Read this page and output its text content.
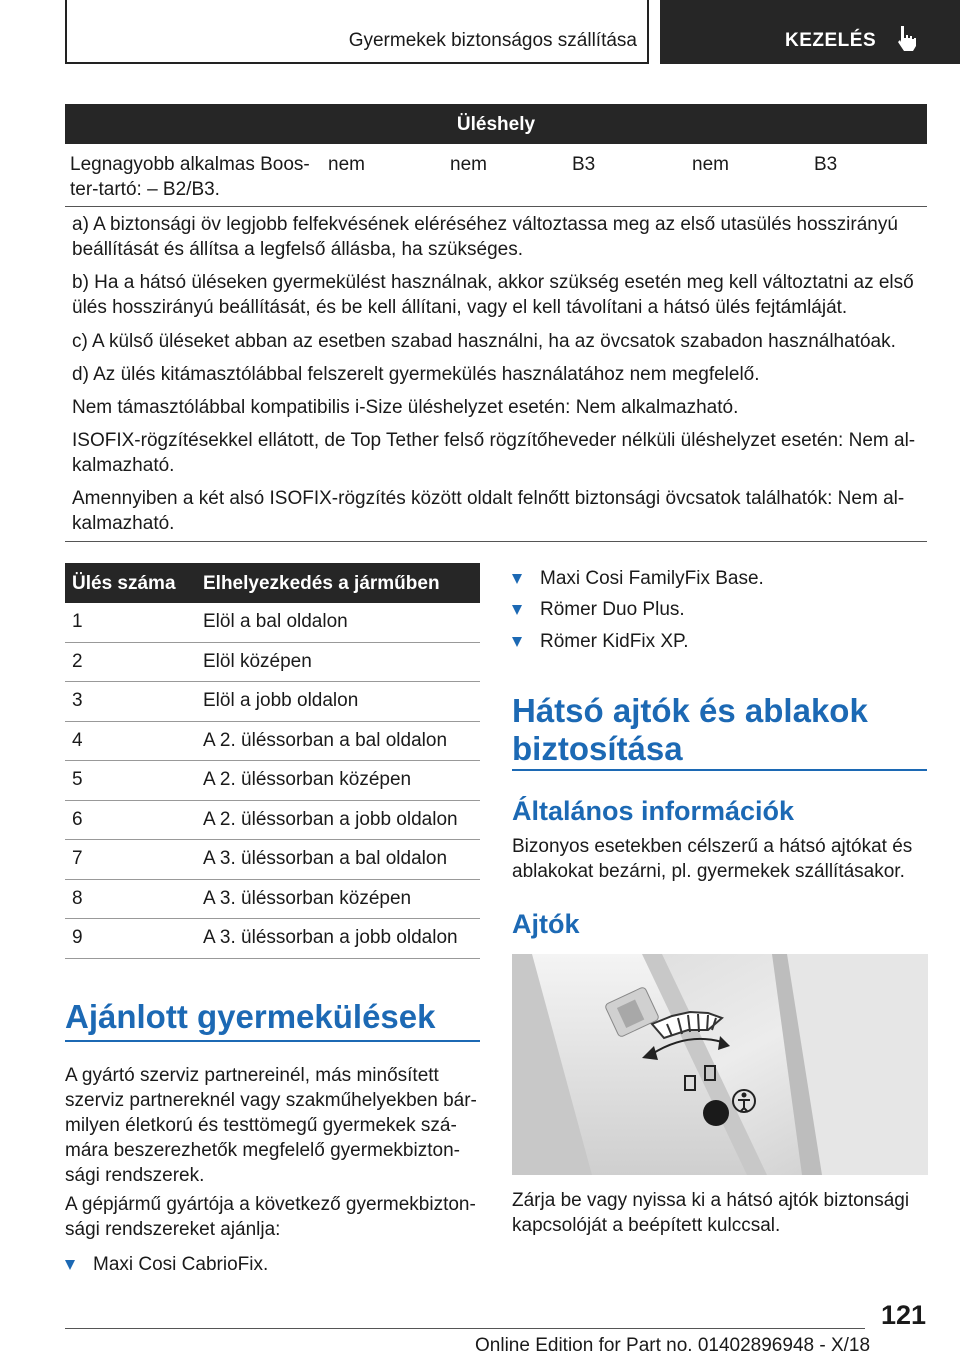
Gyermekek biztonságos szállítása	KEZELÉS
Üléshely
Legnagyobb alkalmas Boos-
ter-tartó: – B2/B3.
nem	nem	B3	nem	B3
a) A biztonsági öv legjobb felfekvésének eléréséhez változtassa meg az első utasülés hosszirányú beállítását és állítsa a legfelső állásba, ha szükséges.
b) Ha a hátsó üléseken gyermekülést használnak, akkor szükség esetén meg kell változtatni az első ülés hosszirányú beállítását, és be kell állítani, vagy el kell távolítani a hátsó ülés fejtámláját.
c) A külső üléseket abban az esetben szabad használni, ha az övcsatok szabadon használhatóak.
d) Az ülés kitámasztólábbal felszerelt gyermekülés használatához nem megfelelő.
Nem támasztólábbal kompatibilis i-Size üléshelyzet esetén: Nem alkalmazható.
ISOFIX-rögzítésekkel ellátott, de Top Tether felső rögzítőheveder nélküli üléshelyzet esetén: Nem al-kalmazható.
Amennyiben a két alsó ISOFIX-rögzítés között oldalt felnőtt biztonsági övcsatok találhatók: Nem al-kalmazható.
Ülés száma Elhelyezkedés a járműben
1	Elöl a bal oldalon
2	Elöl középen
3	Elöl a jobb oldalon
4	A 2. üléssorban a bal oldalon
5	A 2. üléssorban középen
6	A 2. üléssorban a jobb oldalon
7	A 3. üléssorban a bal oldalon
8	A 3. üléssorban középen
9	A 3. üléssorban a jobb oldalon
Ajánlott gyermekülések
A gyártó szerviz partnereinél, más minősített szerviz partnereknél vagy szakműhelyekben bár-milyen életkorú és testtömegű gyermekek szá-mára beszerezhetők megfelelő gyermekbizton-sági rendszerek.
A gépjármű gyártója a következő gyermekbizton-sági rendszereket ajánlja:
Maxi Cosi CabrioFix.
Maxi Cosi FamilyFix Base.
Römer Duo Plus.
Römer KidFix XP.
Hátsó ajtók és ablakok biztosítása
Általános információk
Bizonyos esetekben célszerű a hátsó ajtókat és ablakokat bezárni, pl. gyermekek szállításakor.
Ajtók
Zárja be vagy nyissa ki a hátsó ajtók biztonsági kapcsolóját a beépített kulccsal.
121
Online Edition for Part no. 01402896948 - X/18
